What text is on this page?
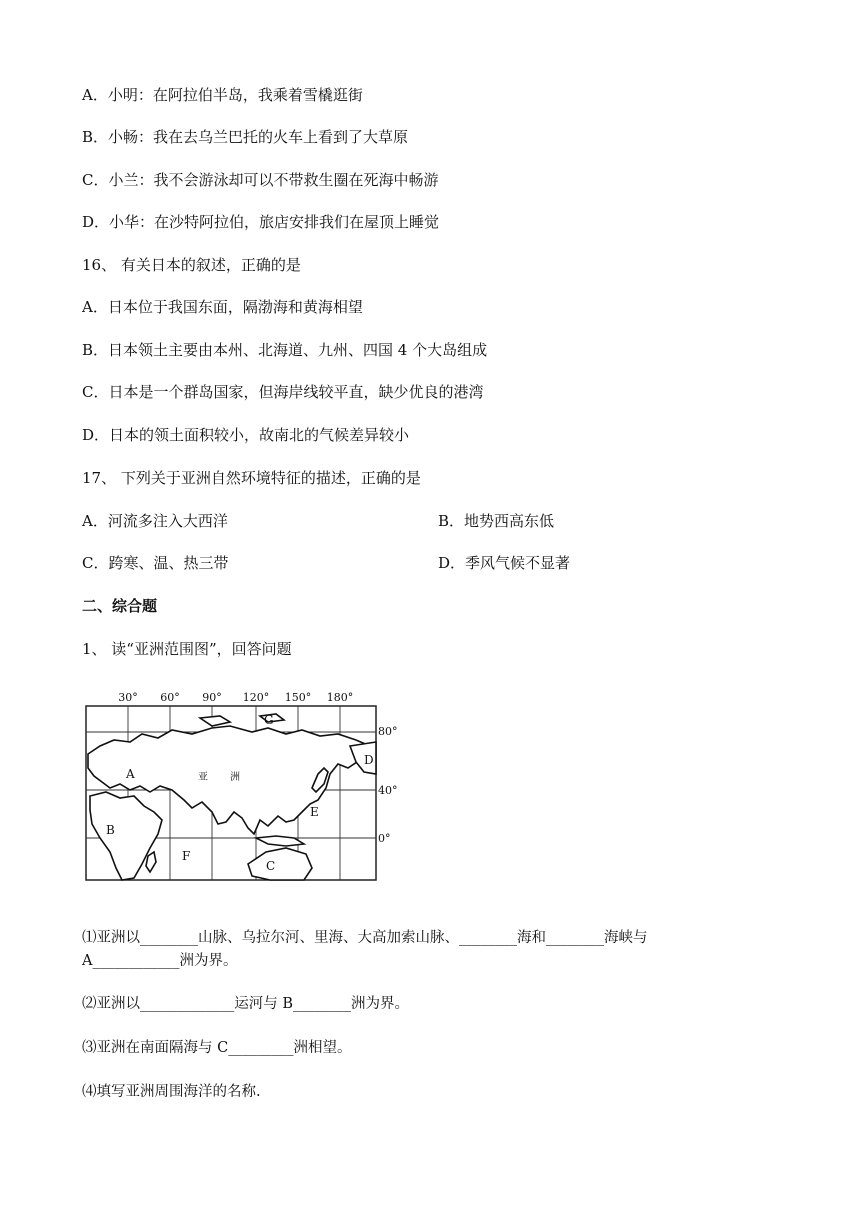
A．小明：在阿拉伯半岛，我乘着雪橇逛街
B．小畅：我在去乌兰巴托的火车上看到了大草原
C．小兰：我不会游泳却可以不带救生圈在死海中畅游
D．小华：在沙特阿拉伯，旅店安排我们在屋顶上睡觉
16、 有关日本的叙述，正确的是
A．日本位于我国东面，隔渤海和黄海相望
B．日本领土主要由本州、北海道、九州、四国 4 个大岛组成
C．日本是一个群岛国家，但海岸线较平直，缺少优良的港湾
D．日本的领土面积较小，故南北的气候差异较小
17、 下列关于亚洲自然环境特征的描述，正确的是
A．河流多注入大西洋	B．地势西高东低
C．跨寒、温、热三带	D．季风气候不显著
二、综合题
1、 读“亚洲范围图”，回答问题
30° 60° 90° 120° 150° 180°
80°
40°
0°
G
D
A	亚 洲
E
B
F
C
⑴亚洲以________山脉、乌拉尔河、里海、大高加索山脉、________海和________海峡与
A____________洲为界。
⑵亚洲以_____________运河与 B________洲为界。
⑶亚洲在南面隔海与 C_________洲相望。
⑷填写亚洲周围海洋的名称.
